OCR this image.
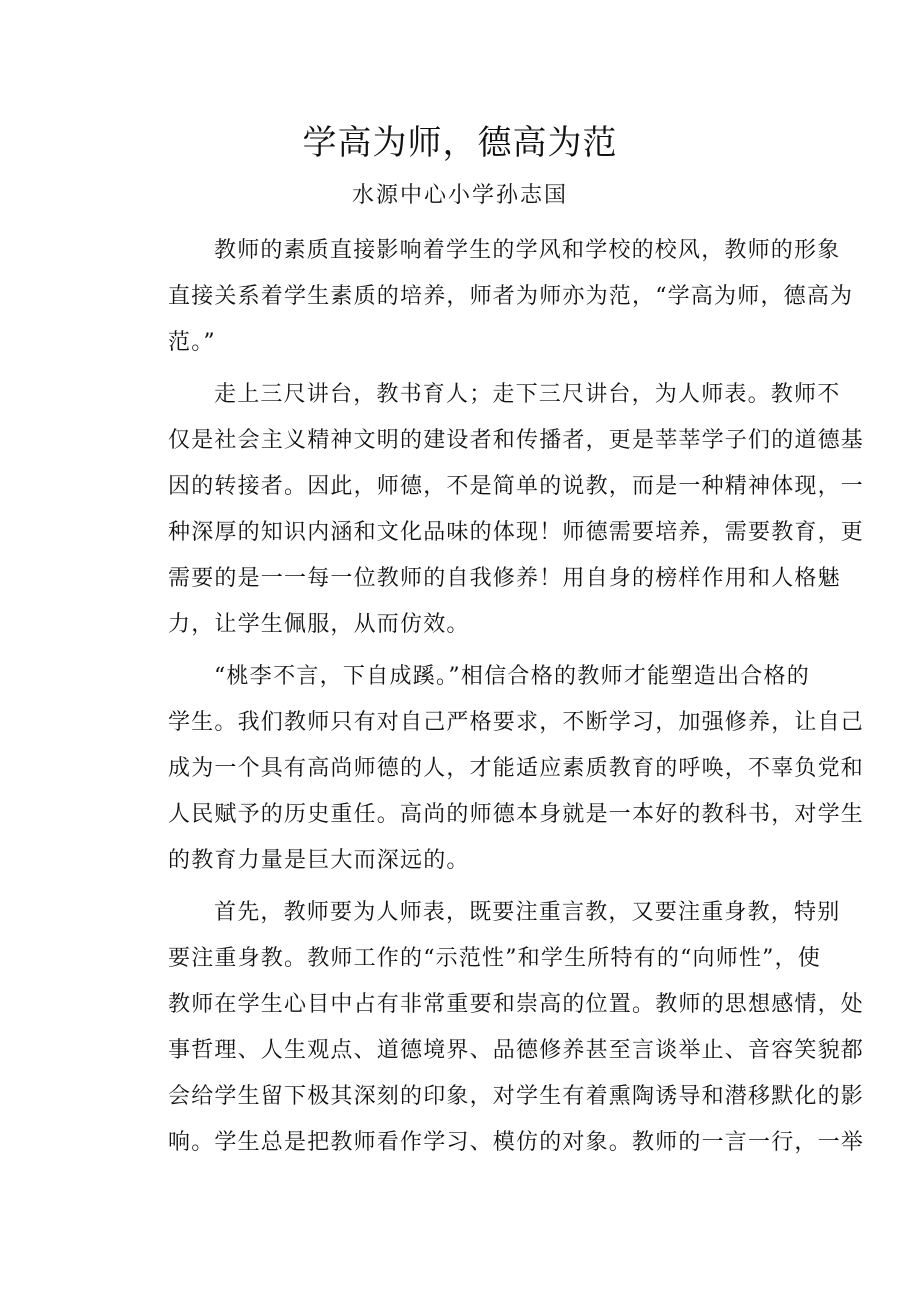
学高为师，德高为范

水源中心小学孙志国

教师的素质直接影响着学生的学风和学校的校风，教师的形象
直接关系着学生素质的培养，师者为师亦为范，“学高为师，德高为
范。”
走上三尺讲台，教书育人；走下三尺讲台，为人师表。教师不
仅是社会主义精神文明的建设者和传播者，更是莘莘学子们的道德基
因的转接者。因此，师德，不是简单的说教，而是一种精神体现，一
种深厚的知识内涵和文化品味的体现！师德需要培养，需要教育，更
需要的是一一每一位教师的自我修养！用自身的榜样作用和人格魅
力，让学生佩服，从而仿效。
“桃李不言，下自成蹊。”相信合格的教师才能塑造出合格的
学生。我们教师只有对自己严格要求，不断学习，加强修养，让自己
成为一个具有高尚师德的人，才能适应素质教育的呼唤，不辜负党和
人民赋予的历史重任。高尚的师德本身就是一本好的教科书，对学生
的教育力量是巨大而深远的。
首先，教师要为人师表，既要注重言教，又要注重身教，特别
要注重身教。教师工作的“示范性”和学生所特有的“向师性”，使
教师在学生心目中占有非常重要和崇高的位置。教师的思想感情，处
事哲理、人生观点、道德境界、品德修养甚至言谈举止、音容笑貌都
会给学生留下极其深刻的印象，对学生有着熏陶诱导和潜移默化的影
响。学生总是把教师看作学习、模仿的对象。教师的一言一行，一举
